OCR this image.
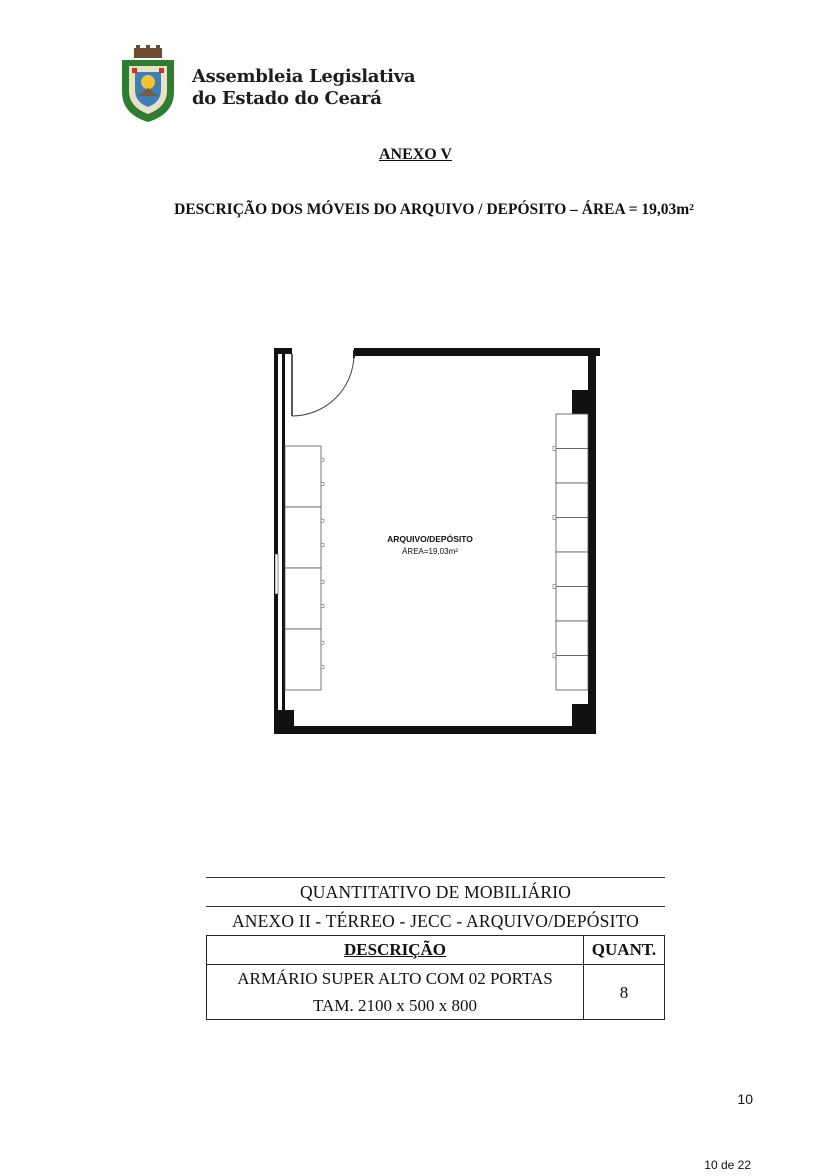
Assembleia Legislativa
do Estado do Ceará
ANEXO V
DESCRIÇÃO DOS MÓVEIS DO ARQUIVO / DEPÓSITO – ÁREA = 19,03m²
ARQUIVO/DEPÓSITO
ÁREA=19,03m²
QUANTITATIVO DE MOBILIÁRIO
ANEXO II - TÉRREO - JECC - ARQUIVO/DEPÓSITO
DESCRIÇÃO	QUANT.

ARMÁRIO SUPER ALTO COM 02 PORTAS
TAM. 2100 x 500 x 800	8
10
10 de 22
